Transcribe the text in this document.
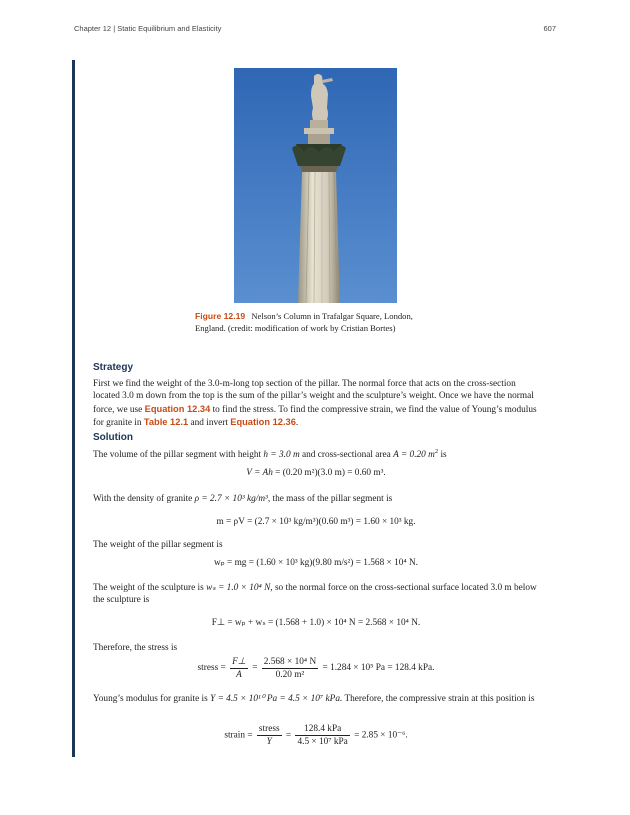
Chapter 12 | Static Equilibrium and Elasticity	607
Figure 12.19 Nelson’s Column in Trafalgar Square, London, England. (credit: modification of work by Cristian Bortes)
Strategy
First we find the weight of the 3.0-m-long top section of the pillar. The normal force that acts on the cross-section located 3.0 m down from the top is the sum of the pillar’s weight and the sculpture’s weight. Once we have the normal force, we use Equation 12.34 to find the stress. To find the compressive strain, we find the value of Young’s modulus for granite in Table 12.1 and invert Equation 12.36.
Solution
The volume of the pillar segment with height h = 3.0 m and cross-sectional area A = 0.20 $m^2$ is
V = Ah = (0.20 m²)(3.0 m) = 0.60 m³.
With the density of granite ρ = 2.7 × 10³ kg/m³, the mass of the pillar segment is
m = ρV = (2.7 × 10³ kg/m³)(0.60 m³) = 1.60 × 10³ kg.
The weight of the pillar segment is
wₚ = mg = (1.60 × 10³ kg)(9.80 m/s²) = 1.568 × 10⁴ N.
The weight of the sculpture is wₛ = 1.0 × 10⁴ N, so the normal force on the cross-sectional surface located 3.0 m below the sculpture is
F⊥ = wₚ + wₛ = (1.568 + 1.0) × 10⁴ N = 2.568 × 10⁴ N.
Therefore, the stress is
stress = $\frac{F\perp}{A} = \frac{\text{2.568 × 10⁴ N}}{\text{0.20 m²}} = 1.284 \times 10^5$ Pa = 128.4 kPa.
Young’s modulus for granite is Y = 4.5 × 10¹⁰ Pa = 4.5 × 10⁷ kPa. Therefore, the compressive strain at this position is
strain = $\frac{\text{stress}}{Y} = \frac{\text{128.4 kPa}}{\text{4.5 × 10⁷ kPa}} = 2.85 \times 10^{-6}$.
